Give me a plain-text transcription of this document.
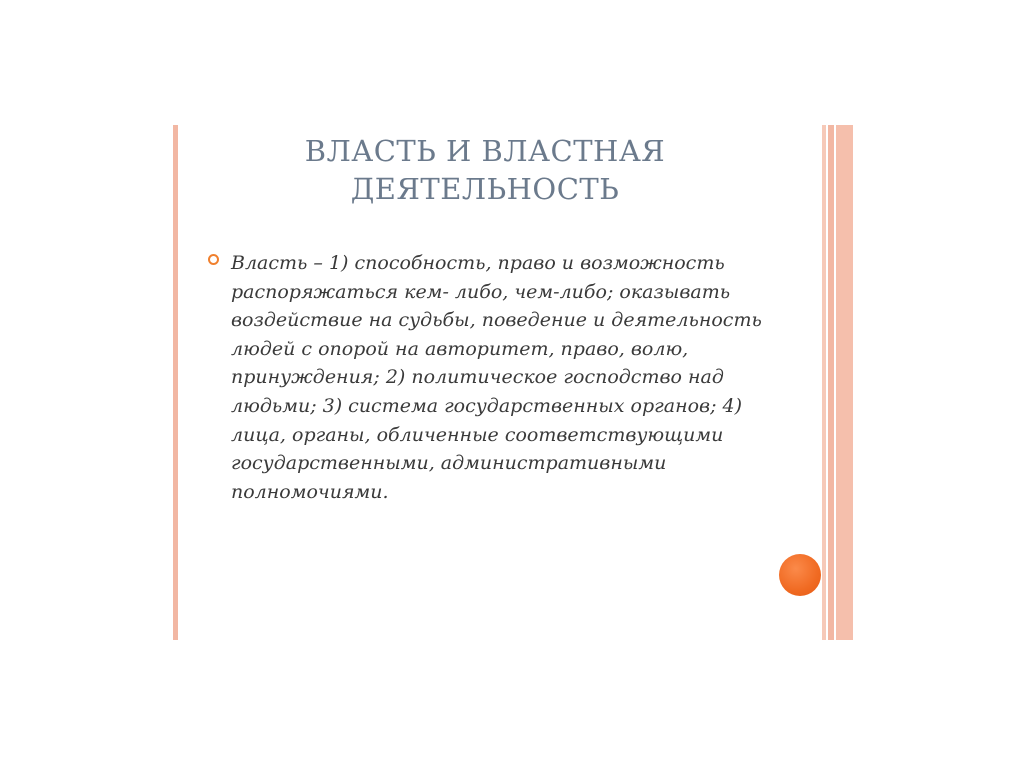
ВЛАСТЬ И ВЛАСТНАЯ
ДЕЯТЕЛЬНОСТЬ
Власть – 1) способность, право и возможность
распоряжаться кем- либо, чем-либо; оказывать
воздействие на судьбы, поведение и деятельность
людей с опорой на авторитет, право, волю,
принуждения; 2) политическое господство над
людьми; 3) система государственных органов; 4)
лица, органы, обличенные соответствующими
государственными, административными
полномочиями.
